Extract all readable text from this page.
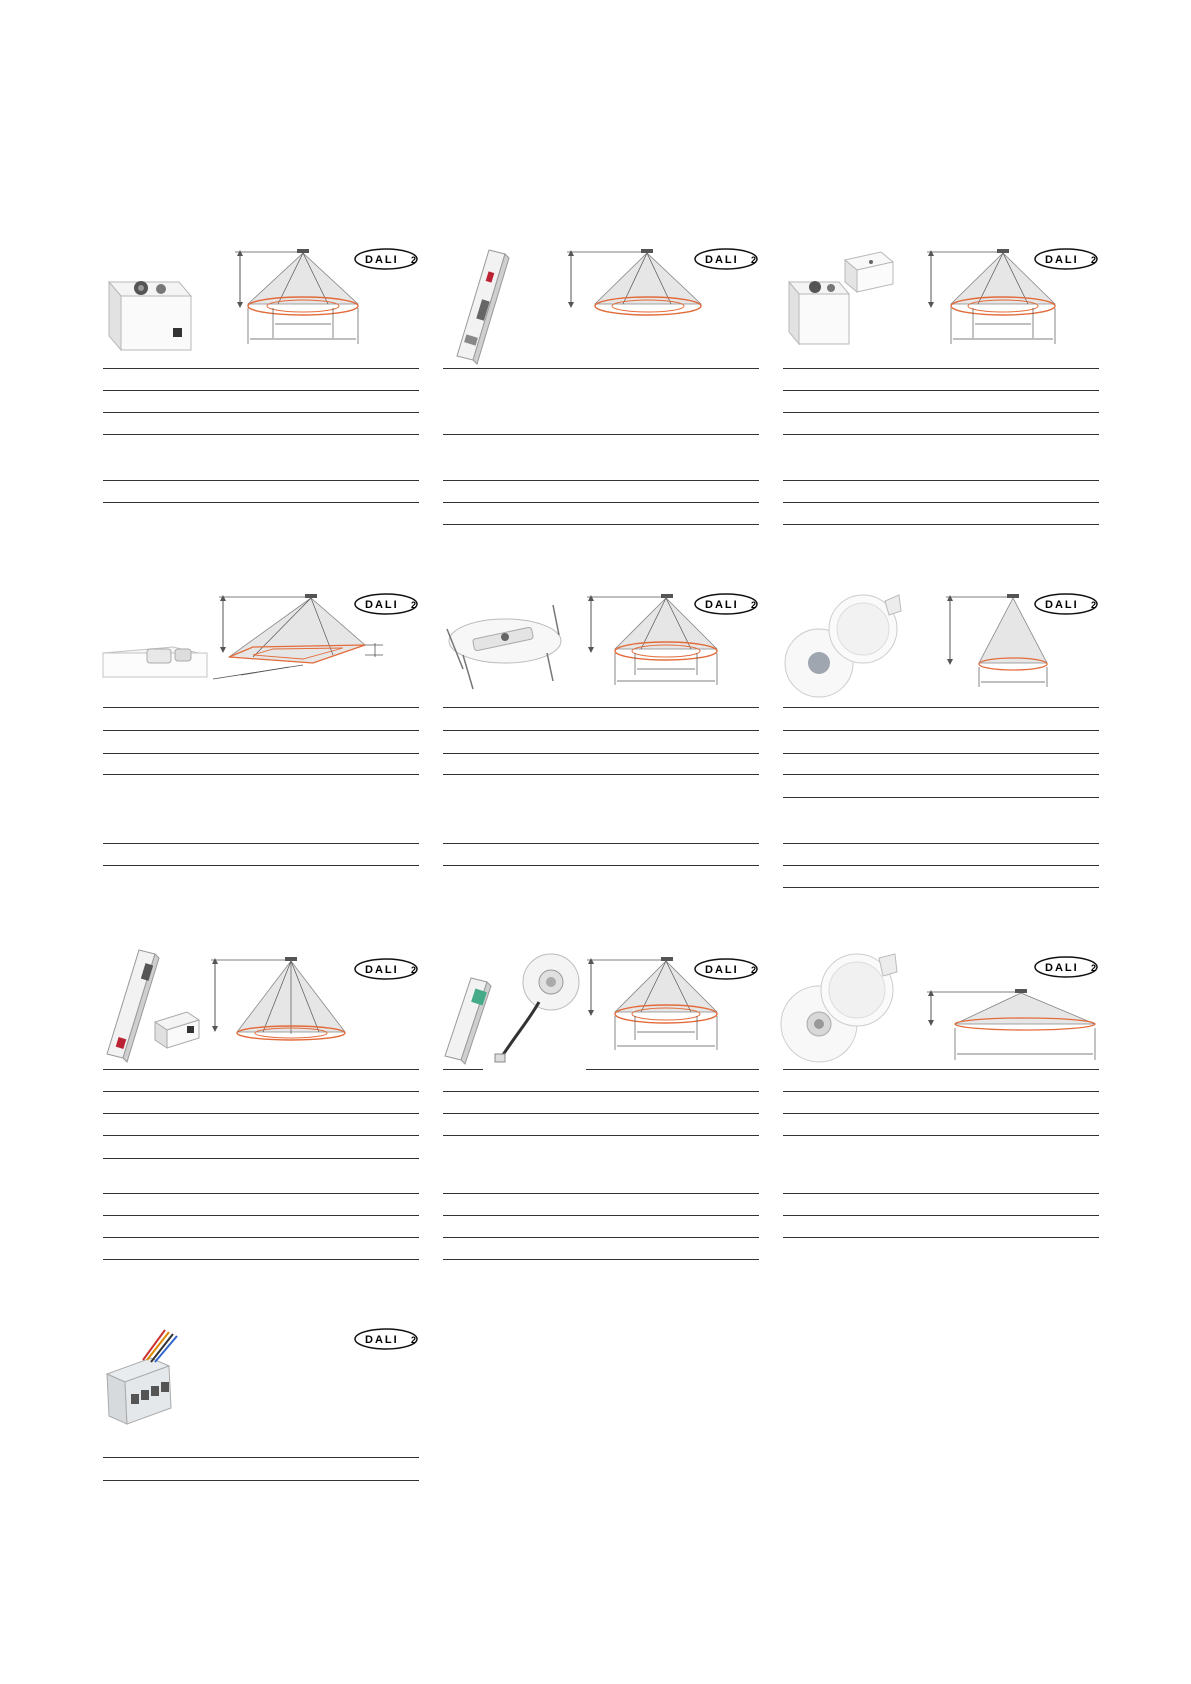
DALI 2	DALI 2	DALI 2
DALI 2	DALI 2	DALI 2
DALI 2	DALI 2	DALI 2
DALI 2
